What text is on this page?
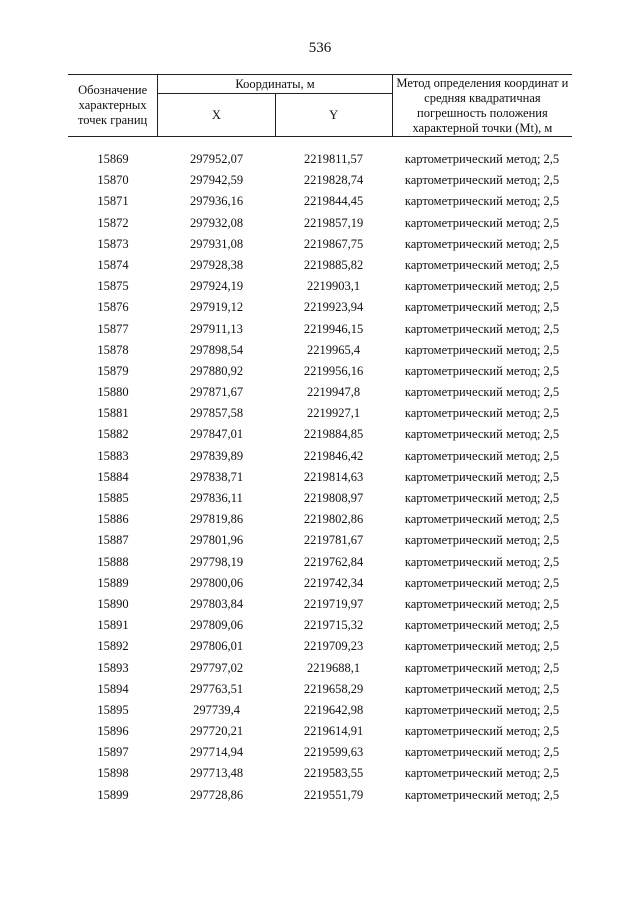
536
Обозначение характерных точек границ	Координаты, м		Метод определения координат и средняя квадратичная погрешность положения характерной точки (Mt), м
	X	Y	
15869	297952,07	2219811,57	картометрический метод; 2,5
15870	297942,59	2219828,74	картометрический метод; 2,5
15871	297936,16	2219844,45	картометрический метод; 2,5
15872	297932,08	2219857,19	картометрический метод; 2,5
15873	297931,08	2219867,75	картометрический метод; 2,5
15874	297928,38	2219885,82	картометрический метод; 2,5
15875	297924,19	2219903,1	картометрический метод; 2,5
15876	297919,12	2219923,94	картометрический метод; 2,5
15877	297911,13	2219946,15	картометрический метод; 2,5
15878	297898,54	2219965,4	картометрический метод; 2,5
15879	297880,92	2219956,16	картометрический метод; 2,5
15880	297871,67	2219947,8	картометрический метод; 2,5
15881	297857,58	2219927,1	картометрический метод; 2,5
15882	297847,01	2219884,85	картометрический метод; 2,5
15883	297839,89	2219846,42	картометрический метод; 2,5
15884	297838,71	2219814,63	картометрический метод; 2,5
15885	297836,11	2219808,97	картометрический метод; 2,5
15886	297819,86	2219802,86	картометрический метод; 2,5
15887	297801,96	2219781,67	картометрический метод; 2,5
15888	297798,19	2219762,84	картометрический метод; 2,5
15889	297800,06	2219742,34	картометрический метод; 2,5
15890	297803,84	2219719,97	картометрический метод; 2,5
15891	297809,06	2219715,32	картометрический метод; 2,5
15892	297806,01	2219709,23	картометрический метод; 2,5
15893	297797,02	2219688,1	картометрический метод; 2,5
15894	297763,51	2219658,29	картометрический метод; 2,5
15895	297739,4	2219642,98	картометрический метод; 2,5
15896	297720,21	2219614,91	картометрический метод; 2,5
15897	297714,94	2219599,63	картометрический метод; 2,5
15898	297713,48	2219583,55	картометрический метод; 2,5
15899	297728,86	2219551,79	картометрический метод; 2,5
